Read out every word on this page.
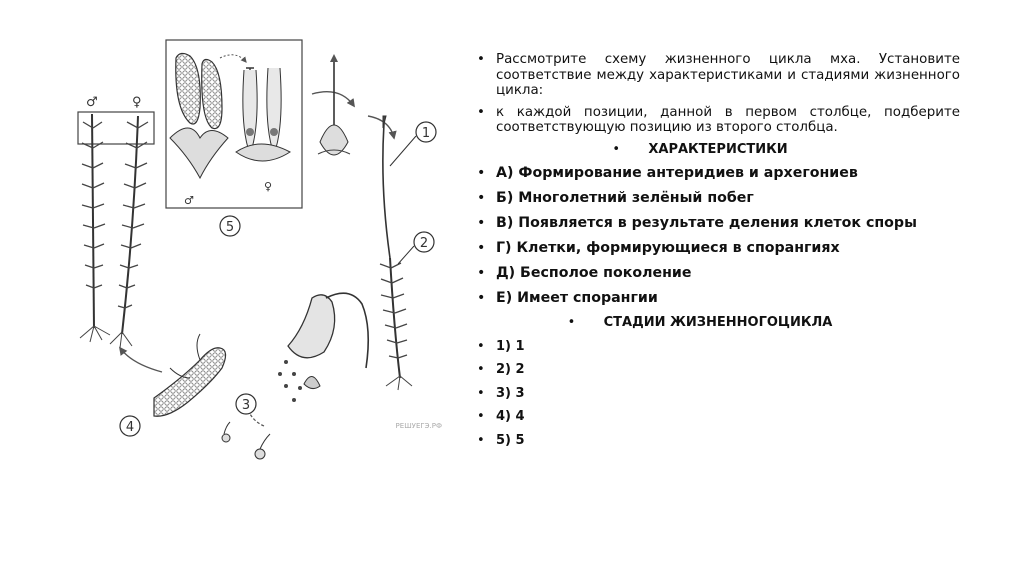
♂	♀
♂
♀
1
2
3
4
5
РЕШУЕГЭ.РФ
• Рассмотрите схему жизненного цикла мха. Установите соответствие между характеристиками и стадиями жизненного цикла:
• к каждой позиции, данной в первом столбце, подберите соответствующую позицию из второго столбца.
• ХАРАКТЕРИСТИКИ
• А) Формирование антеридиев и архегониев
• Б) Многолетний зелёный побег
• В) Появляется в результате деления клеток споры
• Г) Клетки, формирующиеся в спорангиях
• Д) Бесполое поколение
• Е) Имеет спорангии
• СТАДИИ ЖИЗНЕННОГОЦИКЛА
• 1) 1
• 2) 2
• 3) 3
• 4) 4
• 5) 5
